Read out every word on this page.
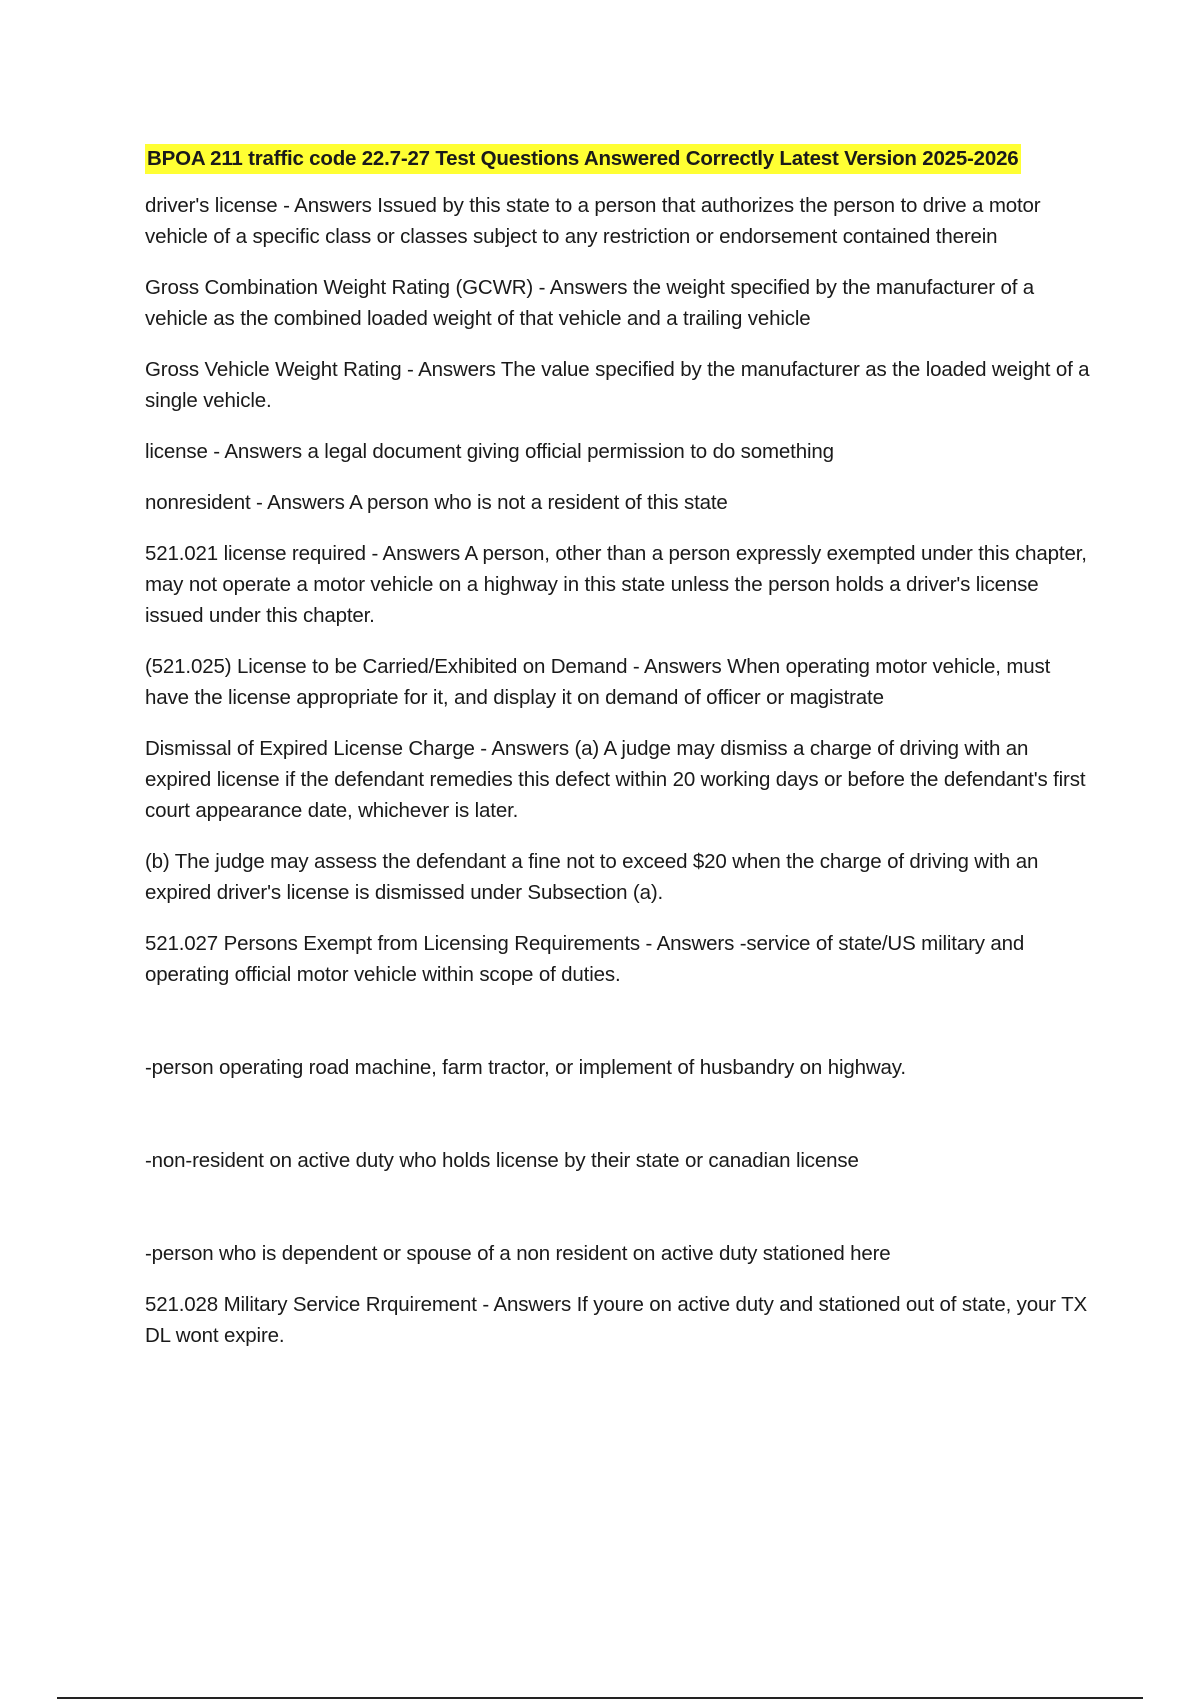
BPOA 211 traffic code 22.7-27 Test Questions Answered Correctly Latest Version 2025-2026

driver's license - Answers Issued by this state to a person that authorizes the person to drive a motor vehicle of a specific class or classes subject to any restriction or endorsement contained therein

Gross Combination Weight Rating (GCWR) - Answers the weight specified by the manufacturer of a vehicle as the combined loaded weight of that vehicle and a trailing vehicle

Gross Vehicle Weight Rating - Answers The value specified by the manufacturer as the loaded weight of a single vehicle.

license - Answers a legal document giving official permission to do something

nonresident - Answers A person who is not a resident of this state

521.021 license required - Answers A person, other than a person expressly exempted under this chapter, may not operate a motor vehicle on a highway in this state unless the person holds a driver's license issued under this chapter.

(521.025) License to be Carried/Exhibited on Demand - Answers When operating motor vehicle, must have the license appropriate for it, and display it on demand of officer or magistrate

Dismissal of Expired License Charge - Answers (a) A judge may dismiss a charge of driving with an expired license if the defendant remedies this defect within 20 working days or before the defendant's first court appearance date, whichever is later.

(b) The judge may assess the defendant a fine not to exceed $20 when the charge of driving with an expired driver's license is dismissed under Subsection (a).

521.027 Persons Exempt from Licensing Requirements - Answers -service of state/US military and operating official motor vehicle within scope of duties.

-person operating road machine, farm tractor, or implement of husbandry on highway.

-non-resident on active duty who holds license by their state or canadian license

-person who is dependent or spouse of a non resident on active duty stationed here

521.028 Military Service Rrquirement - Answers If youre on active duty and stationed out of state, your TX DL wont expire.
